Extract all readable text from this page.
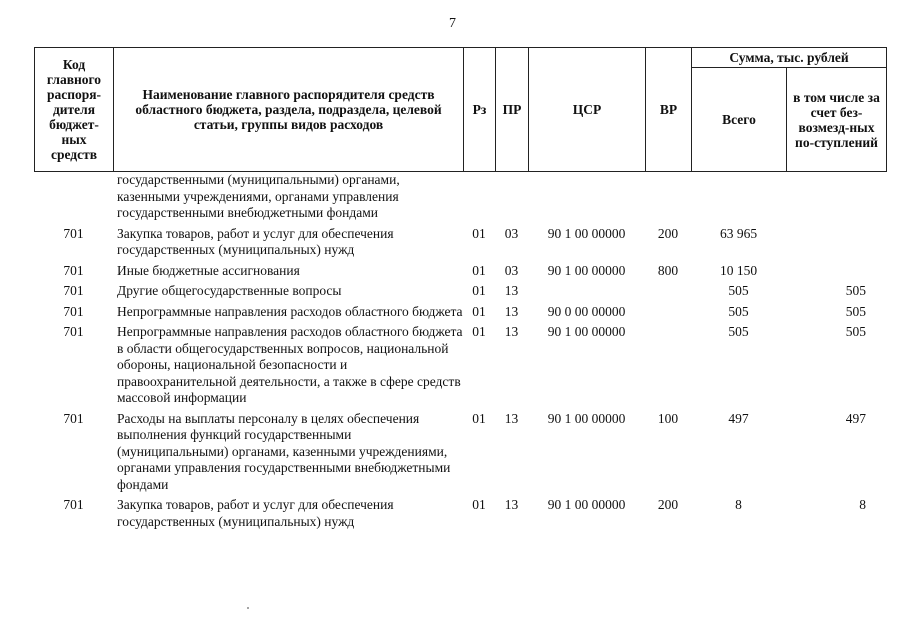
7
Код главного распоря-дителя бюджет-ных средств	Наименование главного распорядителя средств областного бюджета, раздела, подраздела, целевой статьи, группы видов расходов	Рз	ПР	ЦСР	ВР	Сумма, тыс. рублей	
						Всего	в том числе за счет без-возмезд-ных по-ступлений
	государственными (муниципальными) органами, казенными учреждениями, органами управления государственными внебюджетными фондами						
701	Закупка товаров, работ и услуг для обеспечения государственных (муниципальных) нужд	01	03	90 1 00 00000	200	63 965	
701	Иные бюджетные ассигнования	01	03	90 1 00 00000	800	10 150	
701	Другие общегосударственные вопросы	01	13			505	505
701	Непрограммные направления расходов областного бюджета	01	13	90 0 00 00000		505	505
701	Непрограммные направления расходов областного бюджета в области общегосударственных вопросов, национальной обороны, национальной безопасности и правоохранительной деятельности, а также в сфере средств массовой информации	01	13	90 1 00 00000		505	505
701	Расходы на выплаты персоналу в целях обеспечения выполнения функций государственными (муниципальными) органами, казенными учреждениями, органами управления государственными внебюджетными фондами	01	13	90 1 00 00000	100	497	497
701	Закупка товаров, работ и услуг для обеспечения государственных (муниципальных) нужд	01	13	90 1 00 00000	200	8	8
